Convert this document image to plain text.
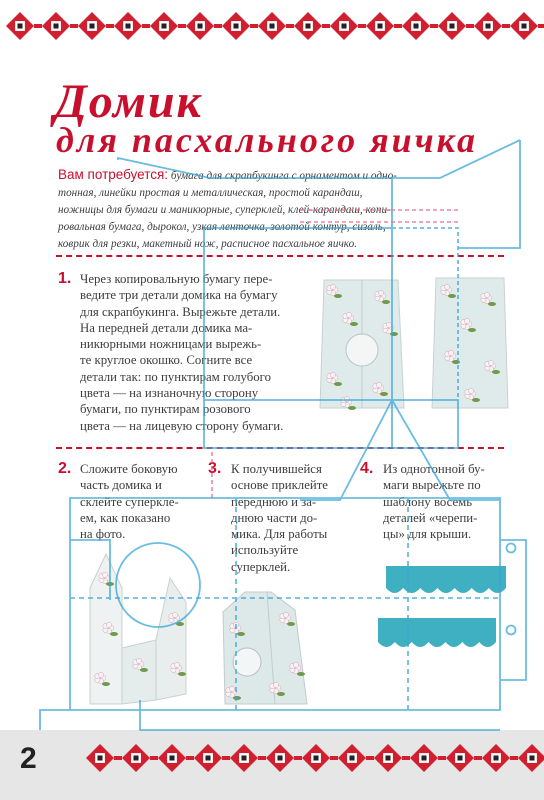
2
Домик
для пасхального яичка
Вам потребуется: бумага для скрапбукинга с орнаментом и одно-
тонная, линейки простая и металлическая, простой карандаш,
ножницы для бумаги и маникюрные, суперклей, клей-карандаш, копи-
ровальная бумага, дырокол, узкая ленточка, золотой контур, сизаль,
коврик для резки, макетный нож, расписное пасхальное яичко.
1. Через копировальную бумагу пере-
ведите три детали домика на бумагу
для скрапбукинга. Вырежьте детали.
На передней детали домика ма-
никюрными ножницами вырежь-
те круглое окошко. Согните все
детали так: по пунктирам голубого
цвета — на изнаночную сторону
бумаги, по пунктирам розового
цвета — на лицевую сторону бумаги.
2. Сложите боковую
часть домика и
склейте суперкле-
ем, как показано
на фото.
3. К получившейся
основе приклейте
переднюю и за-
днюю части до-
мика. Для работы
используйте
суперклей.
4. Из однотонной бу-
маги вырежьте по
шаблону восемь
деталей «черепи-
цы» для крыши.
